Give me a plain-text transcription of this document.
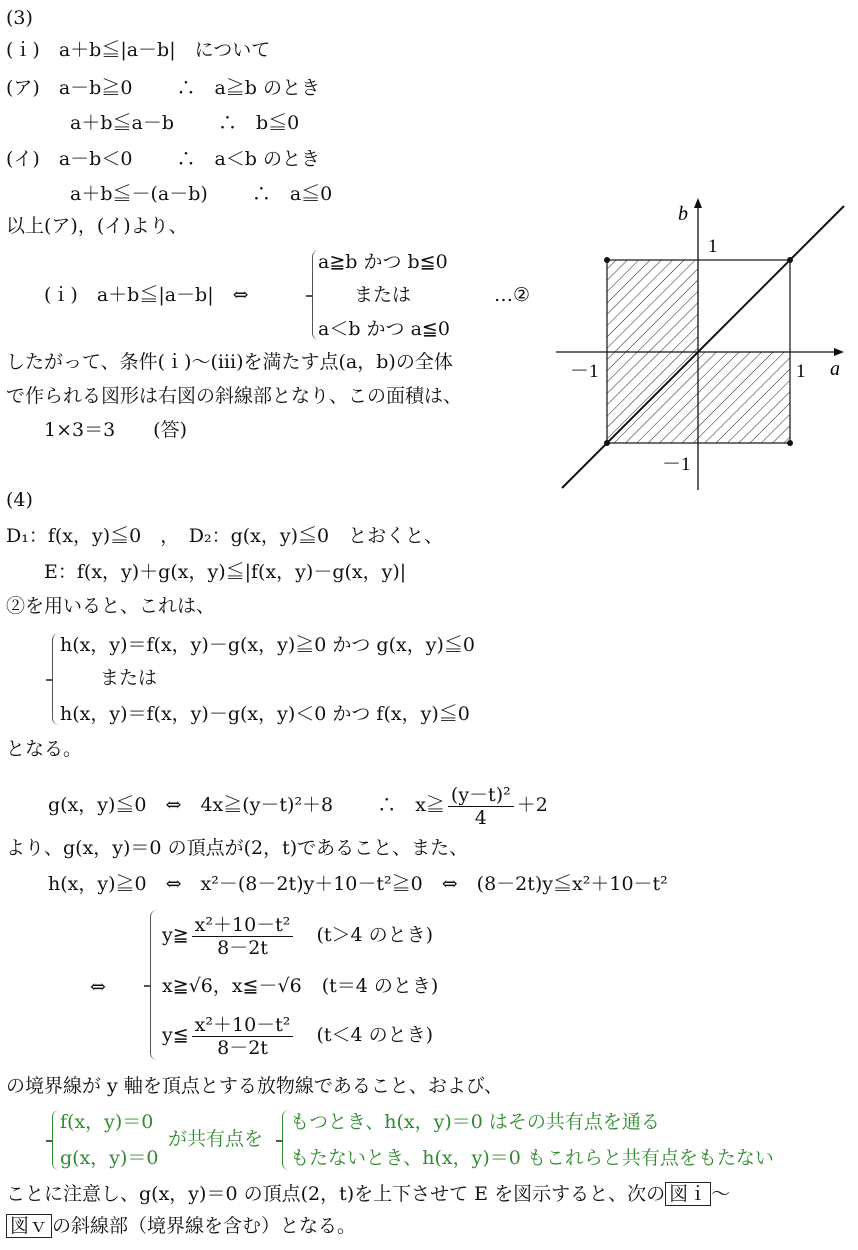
(3)
(ｉ)　a＋b≦|a－b|　について
(ア)　a－b≧0　　 ∴　a≧b のとき
a＋b≦a－b　　 ∴　b≦0
(イ)　a－b＜0　　 ∴　a＜b のとき
a＋b≦－(a－b)　　 ∴　a≦0
以上(ア)，(イ)より、
(ｉ)　a＋b≦|a－b|　⇔
a≧b かつ b≦0
または
a＜b かつ a≦0
…②
したがって、条件(ｉ)～(iii)を満たす点(a，b)の全体
で作られる図形は右図の斜線部となり、この面積は、
1×3＝3　　(答)
b
a
1
1
－1
－1
(4)
D₁：f(x，y)≦0　，　D₂：g(x，y)≦0　とおくと、
E：f(x，y)＋g(x，y)≦|f(x，y)－g(x，y)|
②を用いると、これは、
h(x，y)＝f(x，y)－g(x，y)≧0 かつ g(x，y)≦0
または
h(x，y)＝f(x，y)－g(x，y)＜0 かつ f(x，y)≦0
となる。
g(x，y)≦0　⇔　4x≧(y－t)²＋8　　 ∴　x≧ $\frac{\text{(y－t)²}}{4} +2$
より、g(x，y)＝0 の頂点が(2，t)であること、また、
h(x，y)≧0　⇔　x²－(8－2t)y＋10－t²≧0　⇔　(8－2t)y≦x²＋10－t²
⇔
y≧ $\frac{\text{x²＋10－t²}}{8-2t} (t>4$ のとき)
x≧√6，x≦－√6 (t＝4 のとき)
y≦ $\frac{\text{x²＋10－t²}}{8-2t} (t<4$ のとき)
の境界線が y 軸を頂点とする放物線であること、および、
f(x，y)＝0
g(x，y)＝0
が共有点を
もつとき、h(x，y)＝0 はその共有点を通る
もたないとき、h(x，y)＝0 もこれらと共有点をもたない
ことに注意し、g(x，y)＝0 の頂点(2，t)を上下させて E を図示すると、次の 図ｉ ～
図ｖ の斜線部（境界線を含む）となる。
